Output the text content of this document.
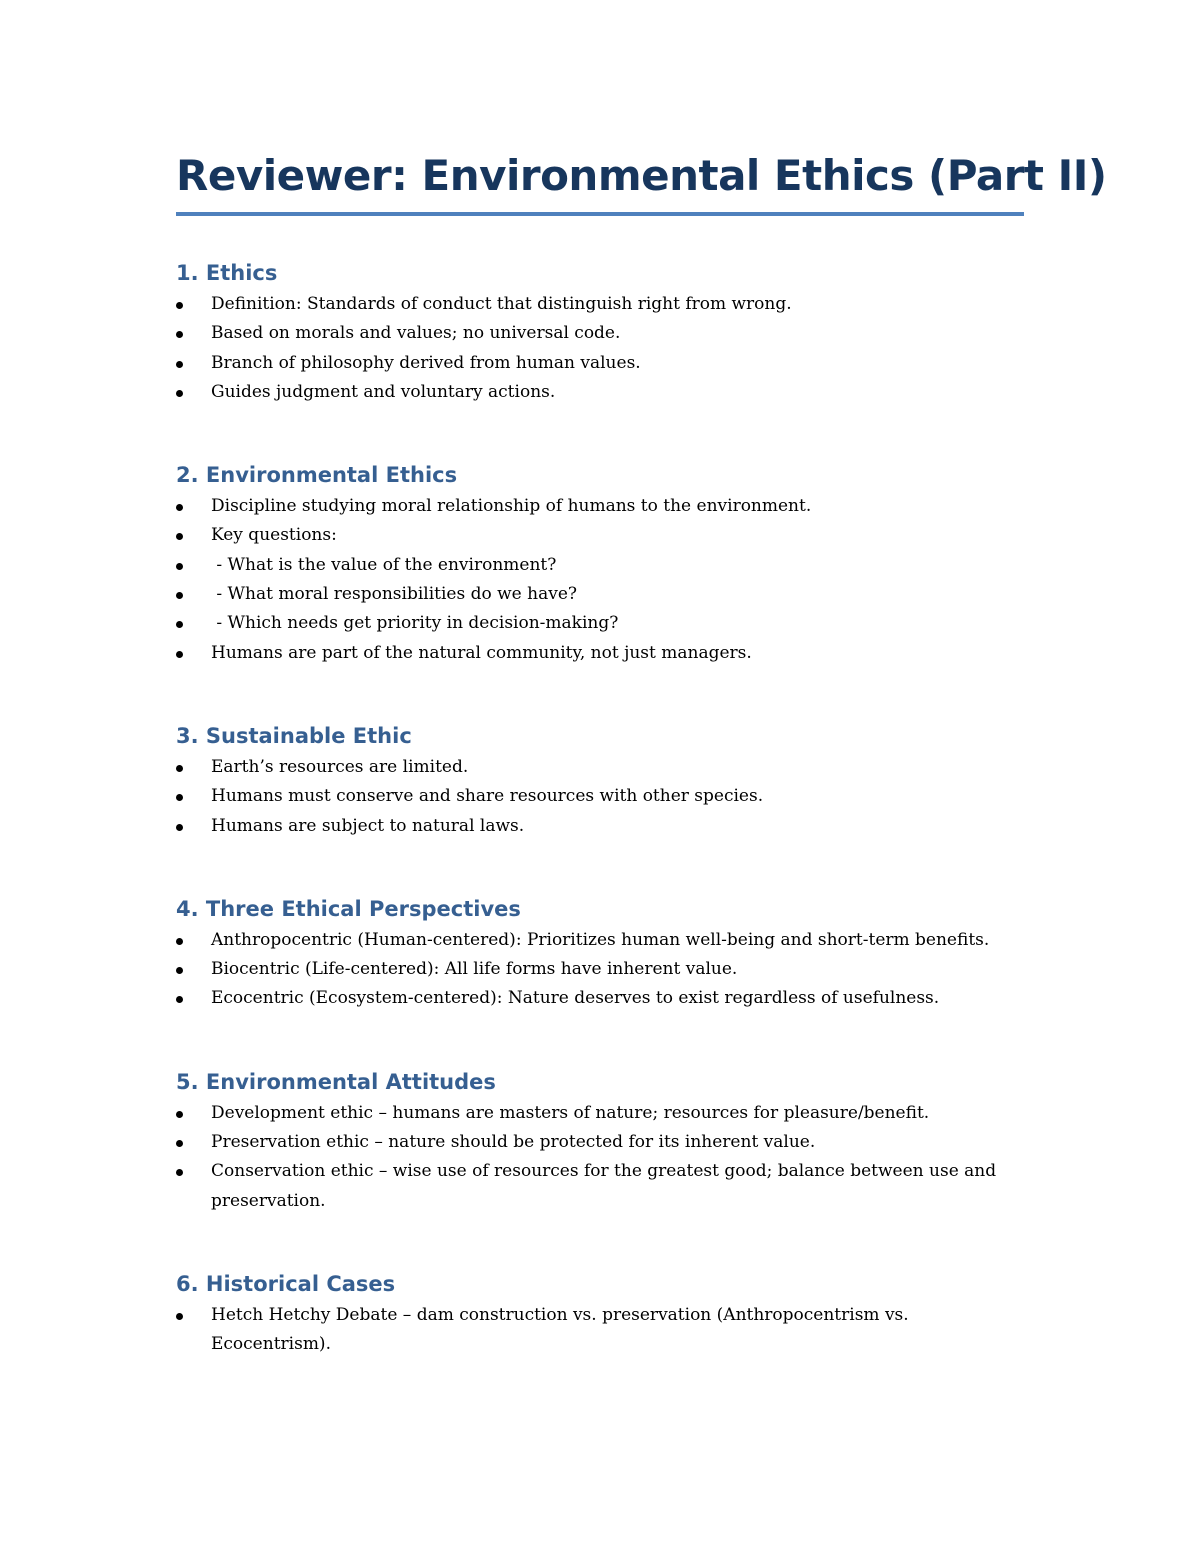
Reviewer: Environmental Ethics (Part II)
1. Ethics
Definition: Standards of conduct that distinguish right from wrong.
Based on morals and values; no universal code.
Branch of philosophy derived from human values.
Guides judgment and voluntary actions.
2. Environmental Ethics
Discipline studying moral relationship of humans to the environment.
Key questions:
- What is the value of the environment?
- What moral responsibilities do we have?
- Which needs get priority in decision-making?
Humans are part of the natural community, not just managers.
3. Sustainable Ethic
Earth’s resources are limited.
Humans must conserve and share resources with other species.
Humans are subject to natural laws.
4. Three Ethical Perspectives
Anthropocentric (Human-centered): Prioritizes human well-being and short-term benefits.
Biocentric (Life-centered): All life forms have inherent value.
Ecocentric (Ecosystem-centered): Nature deserves to exist regardless of usefulness.
5. Environmental Attitudes
Development ethic – humans are masters of nature; resources for pleasure/benefit.
Preservation ethic – nature should be protected for its inherent value.
Conservation ethic – wise use of resources for the greatest good; balance between use and preservation.
6. Historical Cases
Hetch Hetchy Debate – dam construction vs. preservation (Anthropocentrism vs. Ecocentrism).
